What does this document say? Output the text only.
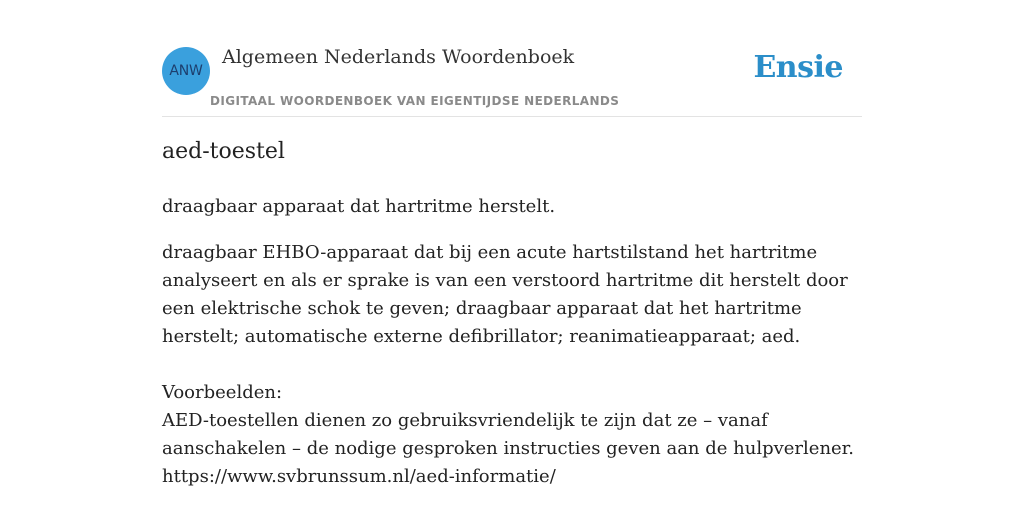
ANW
Algemeen Nederlands Woordenboek
DIGITAAL WOORDENBOEK VAN EIGENTIJDSE NEDERLANDS
Ensie
aed-toestel
draagbaar apparaat dat hartritme herstelt.
draagbaar EHBO-apparaat dat bij een acute hartstilstand het hartritme analyseert en als er sprake is van een verstoord hartritme dit herstelt door een elektrische schok te geven; draagbaar apparaat dat het hartritme herstelt; automatische externe defibrillator; reanimatieapparaat; aed.
Voorbeelden:
AED-toestellen dienen zo gebruiksvriendelijk te zijn dat ze – vanaf aanschakelen – de nodige gesproken instructies geven aan de hulpverlener.
https://www.svbrunssum.nl/aed-informatie/
